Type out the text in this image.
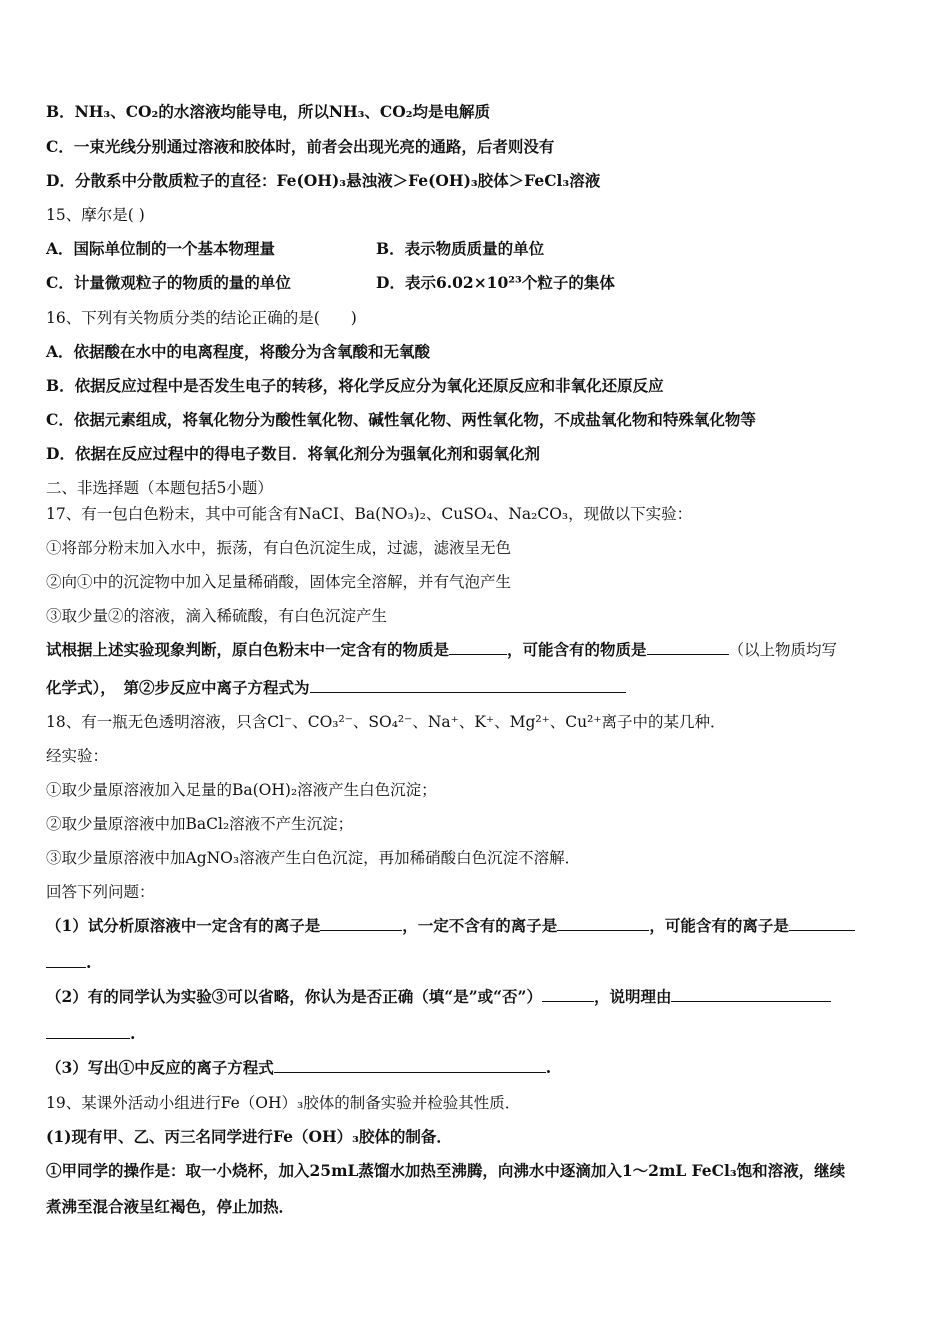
B．NH₃、CO₂的水溶液均能导电，所以NH₃、CO₂均是电解质
C．一束光线分别通过溶液和胶体时，前者会出现光亮的通路，后者则没有
D．分散系中分散质粒子的直径：Fe(OH)₃悬浊液＞Fe(OH)₃胶体＞FeCl₃溶液
15、摩尔是( )
A．国际单位制的一个基本物理量	B．表示物质质量的单位
C．计量微观粒子的物质的量的单位	D．表示6.02×10²³个粒子的集体
16、下列有关物质分类的结论正确的是(　　)
A．依据酸在水中的电离程度，将酸分为含氧酸和无氧酸
B．依据反应过程中是否发生电子的转移，将化学反应分为氧化还原反应和非氧化还原反应
C．依据元素组成，将氧化物分为酸性氧化物、碱性氧化物、两性氧化物，不成盐氧化物和特殊氧化物等
D．依据在反应过程中的得电子数目．将氧化剂分为强氧化剂和弱氧化剂
二、非选择题（本题包括5小题）
17、有一包白色粉末，其中可能含有NaCI、Ba(NO₃)₂、CuSO₄、Na₂CO₃，现做以下实验：
①将部分粉末加入水中，振荡，有白色沉淀生成，过滤，滤液呈无色
②向①中的沉淀物中加入足量稀硝酸，固体完全溶解，并有气泡产生
③取少量②的溶液，滴入稀硫酸，有白色沉淀产生
试根据上述实验现象判断，原白色粉末中一定含有的物质是	，可能含有的物质是	（以上物质均写
化学式），　第②步反应中离子方程式为
18、有一瓶无色透明溶液，只含Cl⁻、CO₃²⁻、SO₄²⁻、Na⁺、K⁺、Mg²⁺、Cu²⁺离子中的某几种．
经实验：
①取少量原溶液加入足量的Ba(OH)₂溶液产生白色沉淀；
②取少量原溶液中加BaCl₂溶液不产生沉淀；
③取少量原溶液中加AgNO₃溶液产生白色沉淀，再加稀硝酸白色沉淀不溶解．
回答下列问题：
（1）试分析原溶液中一定含有的离子是	，一定不含有的离子是	，可能含有的离子是
.
（2）有的同学认为实验③可以省略，你认为是否正确（填“是”或“否”）	，说明理由
.
（3）写出①中反应的离子方程式	.
19、某课外活动小组进行Fe（OH）₃胶体的制备实验并检验其性质．
(1)现有甲、乙、丙三名同学进行Fe（OH）₃胶体的制备．
①甲同学的操作是：取一小烧杯，加入25mL蒸馏水加热至沸腾，向沸水中逐滴加入1～2mL FeCl₃饱和溶液，继续
煮沸至混合液呈红褐色，停止加热．
